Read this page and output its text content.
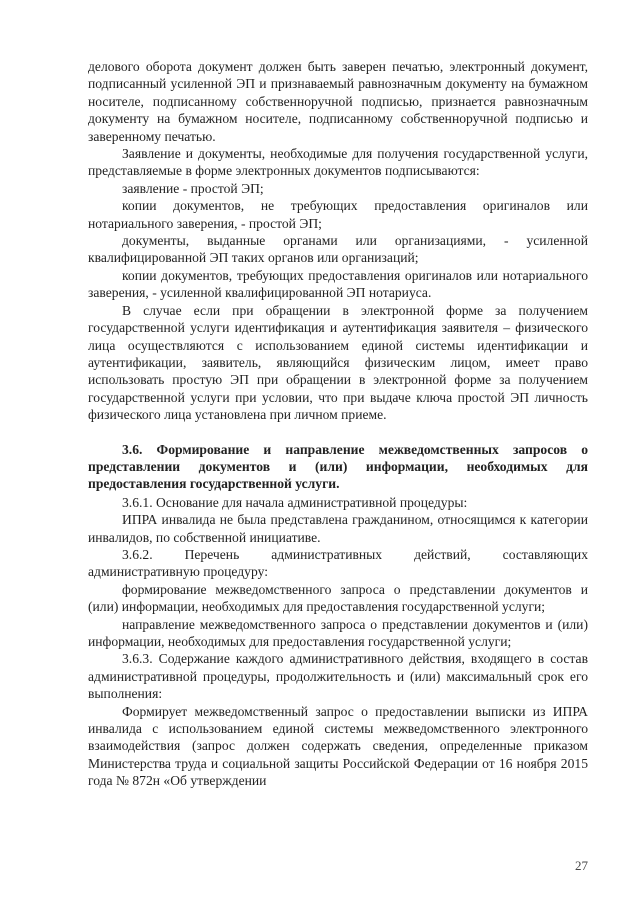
делового оборота документ должен быть заверен печатью, электронный документ, подписанный усиленной ЭП и признаваемый равнозначным документу на бумажном носителе, подписанному собственноручной подписью, признается равнозначным документу на бумажном носителе, подписанному собственноручной подписью и заверенному печатью.

Заявление и документы, необходимые для получения государственной услуги, представляемые в форме электронных документов подписываются:

заявление - простой ЭП;

копии документов, не требующих предоставления оригиналов или нотариального заверения, - простой ЭП;

документы, выданные органами или организациями, - усиленной квалифицированной ЭП таких органов или организаций;

копии документов, требующих предоставления оригиналов или нотариального заверения, - усиленной квалифицированной ЭП нотариуса.

В случае если при обращении в электронной форме за получением государственной услуги идентификация и аутентификация заявителя – физического лица осуществляются с использованием единой системы идентификации и аутентификации, заявитель, являющийся физическим лицом, имеет право использовать простую ЭП при обращении в электронной форме за получением государственной услуги при условии, что при выдаче ключа простой ЭП личность физического лица установлена при личном приеме.

3.6. Формирование и направление межведомственных запросов о представлении документов и (или) информации, необходимых для предоставления государственной услуги.

3.6.1. Основание для начала административной процедуры:

ИПРА инвалида не была представлена гражданином, относящимся к категории инвалидов, по собственной инициативе.

3.6.2. Перечень административных действий, составляющих административную процедуру:

формирование межведомственного запроса о представлении документов и (или) информации, необходимых для предоставления государственной услуги;

направление межведомственного запроса о представлении документов и (или) информации, необходимых для предоставления государственной услуги;

3.6.3. Содержание каждого административного действия, входящего в состав административной процедуры, продолжительность и (или) максимальный срок его выполнения:

Формирует межведомственный запрос о предоставлении выписки из ИПРА инвалида с использованием единой системы межведомственного электронного взаимодействия (запрос должен содержать сведения, определенные приказом Министерства труда и социальной защиты Российской Федерации от 16 ноября 2015 года № 872н «Об утверждении

27
